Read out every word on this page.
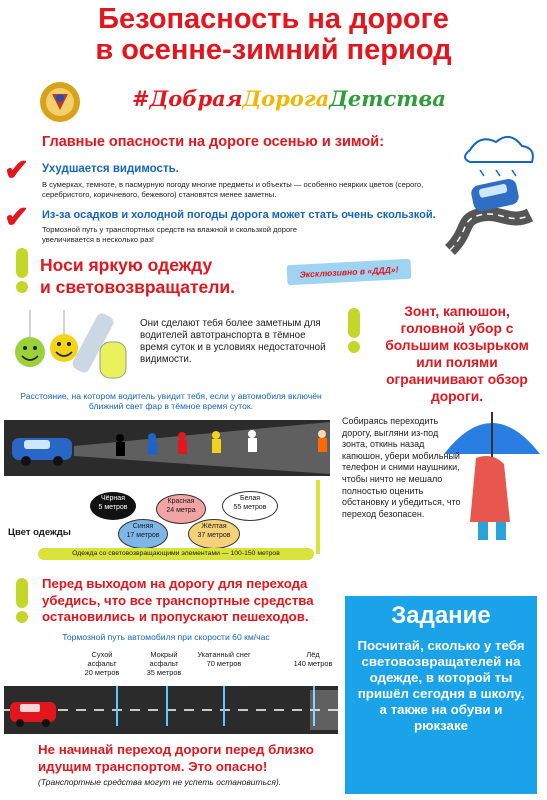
Безопасность на дороге
в осенне-зимний период
#ДобраяДорогаДетства
Главные опасности на дороге осенью и зимой:
✔ Ухудшается видимость.
В сумерках, темноте, в пасмурную погоду многие предметы и объекты — особенно неярких цветов (серого, серебристого, коричневого, бежевого) становятся менее заметны.
✔ Из-за осадков и холодной погоды дорога может стать очень скользкой.
Тормозной путь у транспортных средств на влажной и скользкой дороге увеличивается в несколько раз!
Носи яркую одежду
и световозвращатели.
Эксклюзивно в «ДДД»!
Они сделают тебя более заметным для водителей автотранспорта в тёмное время суток и в условиях недостаточной видимости.
Зонт, капюшон, головной убор с большим козырьком или полями ограничивают обзор дороги.
Расстояние, на котором водитель увидит тебя, если у автомобиля включён ближний свет фар в тёмное время суток.
Чёрная
5 метров
Синяя
17 метров
Красная
24 метра
Жёлтая
37 метров
Белая
55 метров
Цвет одежды
Одежда со световозвращающими элементами — 100-150 метров
Собираясь переходить дорогу, выгляни из-под зонта, откинь назад капюшон, убери мобильный телефон и сними наушники, чтобы ничто не мешало полностью оценить обстановку и убедиться, что переход безопасен.
Перед выходом на дорогу для перехода убедись, что все транспортные средства остановились и пропускают пешеходов.
Тормозной путь автомобиля при скорости 60 км/час
Сухой асфальт
20 метров
Мокрый асфальт
35 метров
Укатанный снег
70 метров
Лёд
140 метров
Не начинай переход дороги перед близко идущим транспортом. Это опасно!
(Транспортные средства могут не успеть остановиться).
Задание
Посчитай, сколько у тебя световозвращателей на одежде, в которой ты пришёл сегодня в школу, а также на обуви и рюкзаке
